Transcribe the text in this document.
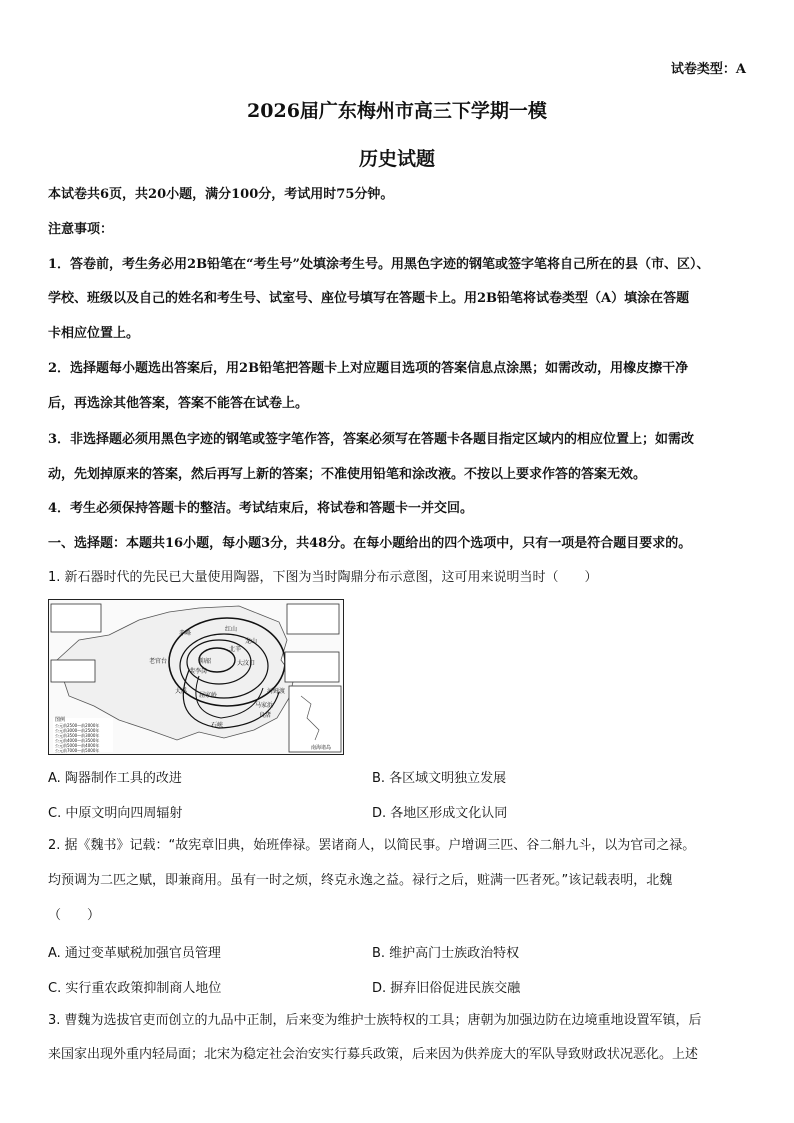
试卷类型：A
2026届广东梅州市高三下学期一模
历史试题
本试卷共6页，共20小题，满分100分，考试用时75分钟。
注意事项：
1．答卷前，考生务必用2B铅笔在“考生号”处填涂考生号。用黑色字迹的钢笔或签字笔将自己所在的县（市、区）、
学校、班级以及自己的姓名和考生号、试室号、座位号填写在答题卡上。用2B铅笔将试卷类型（A）填涂在答题
卡相应位置上。
2．选择题每小题选出答案后，用2B铅笔把答题卡上对应题目选项的答案信息点涂黑；如需改动，用橡皮擦干净
后，再选涂其他答案，答案不能答在试卷上。
3．非选择题必须用黑色字迹的钢笔或签字笔作答，答案必须写在答题卡各题目指定区域内的相应位置上；如需改
动，先划掉原来的答案，然后再写上新的答案；不准使用铅笔和涂改液。不按以上要求作答的答案无效。
4．考生必须保持答题卡的整洁。考试结束后，将试卷和答题卡一并交回。
一、选择题：本题共16小题，每小题3分，共48分。在每小题给出的四个选项中，只有一项是符合题目要求的。
1. 新石器时代的先民已大量使用陶器，下图为当时陶鼎分布示意图，这可用来说明当时（　　）
赤峰
红山
老官台
裴李岗
仰韶
北辛
大汶口
龙山
屈家岭
石峡
马家浜
河姆渡
良渚
大溪
图例
公元前2500—前2000年
公元前3000—前2500年
公元前3500—前3000年
公元前4000—前3500年
公元前5000—前4000年
公元前7000—前5000年	南海诸岛
A. 陶器制作工具的改进	B. 各区域文明独立发展
C. 中原文明向四周辐射	D. 各地区形成文化认同
2. 据《魏书》记载：“故宪章旧典，始班俸禄。罢诸商人，以简民事。户增调三匹、谷二斛九斗，以为官司之禄。
均预调为二匹之赋，即兼商用。虽有一时之烦，终克永逸之益。禄行之后，赃满一匹者死。”该记载表明，北魏
（　　）
A. 通过变革赋税加强官员管理	B. 维护高门士族政治特权
C. 实行重农政策抑制商人地位	D. 摒弃旧俗促进民族交融
3. 曹魏为选拔官吏而创立的九品中正制，后来变为维护士族特权的工具；唐朝为加强边防在边境重地设置军镇，后
来国家出现外重内轻局面；北宋为稳定社会治安实行募兵政策，后来因为供养庞大的军队导致财政状况恶化。上述
